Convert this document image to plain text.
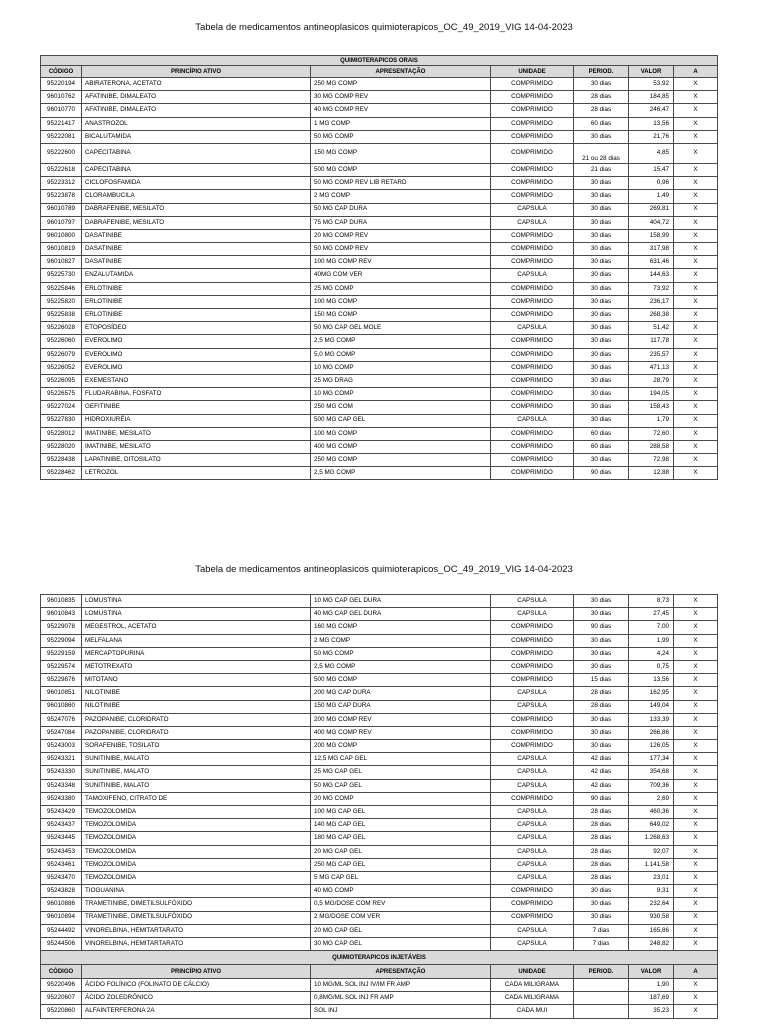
Tabela de medicamentos antineoplasicos quimioterapicos_OC_49_2019_VIG 14-04-2023
QUIMIOTERAPICOS ORAIS						
CÓDIGO	PRINCÍPIO ATIVO	APRESENTAÇÃO	UNIDADE	PERIOD.	VALOR	A
95220194	ABIRATERONA, ACETATO	250 MG COMP	COMPRIMIDO	30 dias	53,92	X
96010762	AFATINIBE, DIMALEATO	30 MG COMP REV	COMPRIMIDO	28 dias	184,85	X
96010770	AFATINIBE, DIMALEATO	40 MG COMP REV	COMPRIMIDO	28 dias	246,47	X
95221417	ANASTROZOL	1 MG COMP	COMPRIMIDO	60 dias	13,56	X
95222081	BICALUTAMIDA	50 MG COMP	COMPRIMIDO	30 dias	21,76	X
95222600	CAPECITABINA	150 MG COMP	COMPRIMIDO	21 ou 28 dias	4,85	X
95222618	CAPECITABINA	500 MG COMP	COMPRIMIDO	21 dias	15,47	X
95223312	CICLOFOSFAMIDA	50 MG COMP REV LIB RETARD	COMPRIMIDO	30 dias	0,96	X
95223878	CLORAMBUCILA	2 MG COMP	COMPRIMIDO	30 dias	1,49	X
96010789	DABRAFENIBE, MESILATO	50 MG CAP DURA	CAPSULA	30 dias	269,81	X
96010797	DABRAFENIBE, MESILATO	75 MG CAP DURA	CAPSULA	30 dias	404,72	X
96010800	DASATINIBE	20 MG COMP REV	COMPRIMIDO	30 dias	158,99	X
96010819	DASATINIBE	50 MG COMP REV	COMPRIMIDO	30 dias	317,98	X
96010827	DASATINIBE	100 MG COMP REV	COMPRIMIDO	30 dias	631,46	X
95225730	ENZALUTAMIDA	40MG COM VER	CAPSULA	30 dias	144,63	X
95225846	ERLOTINIBE	25 MG COMP	COMPRIMIDO	30 dias	73,92	X
95225820	ERLOTINIBE	100 MG COMP	COMPRIMIDO	30 dias	236,17	X
95225838	ERLOTINIBE	150 MG COMP	COMPRIMIDO	30 dias	268,38	X
95226028	ETOPOSÍDEO	50 MG CAP GEL MOLE	CAPSULA	30 dias	51,42	X
95226060	EVEROLIMO	2,5 MG COMP	COMPRIMIDO	30 dias	117,78	X
95226079	EVEROLIMO	5,0 MG COMP	COMPRIMIDO	30 dias	235,57	X
95226052	EVEROLIMO	10 MG COMP	COMPRIMIDO	30 dias	471,13	X
95226095	EXEMESTANO	25 MG DRAG	COMPRIMIDO	30 dias	28,79	X
95226575	FLUDARABINA, FOSFATO	10 MG COMP	COMPRIMIDO	30 dias	194,05	X
95227024	GEFITINIBE	250 MG COM	COMPRIMIDO	30 dias	158,43	X
95227830	HIDROXIURÉIA	500 MG CAP GEL	CAPSULA	30 dias	1,79	X
95228012	IMATINIBE, MESILATO	100 MG COMP	COMPRIMIDO	60 dias	72,60	X
95228020	IMATINIBE, MESILATO	400 MG COMP	COMPRIMIDO	60 dias	288,58	X
95228438	LAPATINIBE, DITOSILATO	250 MG COMP	COMPRIMIDO	30 dias	72,98	X
95228462	LETROZOL	2,5 MG COMP	COMPRIMIDO	90 dias	12,88	X
Tabela de medicamentos antineoplasicos quimioterapicos_OC_49_2019_VIG 14-04-2023
96010835	LOMUSTINA	10 MG CAP GEL DURA	CAPSULA	30 dias	8,73	X
96010843	LOMUSTINA	40 MG CAP GEL DURA	CAPSULA	30 dias	27,45	X
95229078	MEGESTROL, ACETATO	160 MG COMP	COMPRIMIDO	90 dias	7,00	X
95229094	MELFALANA	2 MG COMP	COMPRIMIDO	30 dias	1,99	X
95229159	MERCAPTOPURINA	50 MG COMP	COMPRIMIDO	30 dias	4,24	X
95229574	METOTREXATO	2,5 MG COMP	COMPRIMIDO	30 dias	0,75	X
95229876	MITOTANO	500 MG COMP	COMPRIMIDO	15 dias	13,56	X
96010851	NILOTINIBE	200 MG CAP DURA	CAPSULA	28 dias	162,95	X
96010860	NILOTINIBE	150 MG CAP DURA	CAPSULA	28 dias	149,04	X
95247076	PAZOPANIBE, CLORIDRATO	200 MG COMP REV	COMPRIMIDO	30 dias	133,39	X
95247084	PAZOPANIBE, CLORIDRATO	400 MG COMP REV	COMPRIMIDO	30 dias	266,86	X
95243003	SORAFENIBE, TOSILATO	200 MG COMP	COMPRIMIDO	30 dias	126,05	X
95243321	SUNITINIBE, MALATO	12,5 MG CAP GEL	CAPSULA	42 dias	177,34	X
95243330	SUNITINIBE, MALATO	25 MG CAP GEL	CAPSULA	42 dias	354,68	X
95243348	SUNITINIBE, MALATO	50 MG CAP GEL	CAPSULA	42 dias	709,36	X
95243380	TAMOXIFENO, CITRATO DE	20 MG COMP	COMPRIMIDO	90 dias	2,69	X
95243429	TEMOZOLOMIDA	100 MG CAP GEL	CAPSULA	28 dias	460,36	X
95243437	TEMOZOLOMIDA	140 MG CAP GEL	CAPSULA	28 dias	649,02	X
95243445	TEMOZOLOMIDA	180 MG CAP GEL	CAPSULA	28 dias	1.268,63	X
95243453	TEMOZOLOMIDA	20 MG CAP GEL	CAPSULA	28 dias	92,07	X
95243461	TEMOZOLOMIDA	250 MG CAP GEL	CAPSULA	28 dias	1.141,58	X
95243470	TEMOZOLOMIDA	5 MG CAP GEL	CAPSULA	28 dias	23,01	X
95243828	TIOGUANINA	40 MG COMP	COMPRIMIDO	30 dias	9,31	X
96010886	TRAMETINIBE, DIMETILSULFÓXIDO	0,5 MG/DOSE COM REV	COMPRIMIDO	30 dias	232,64	X
96010894	TRAMETINIBE, DIMETILSULFÓXIDO	2 MG/DOSE COM VER	COMPRIMIDO	30 dias	930,58	X
95244492	VINORELBINA, HEMITARTARATO	20 MG CAP GEL	CAPSULA	7 dias	165,86	X
95244506	VINORELBINA, HEMITARTARATO	30 MG CAP GEL	CAPSULA	7 dias	248,82	X
QUIMIOTERAPICOS INJETÁVEIS						
CÓDIGO	PRINCÍPIO ATIVO	APRESENTAÇÃO	UNIDADE	PERIOD.	VALOR	A
95220496	ÁCIDO FOLÍNICO (FOLINATO DE CÁLCIO)	10 MG/ML SOL INJ IV/IM FR AMP	CADA MILIGRAMA		1,90	X
95220607	ÁCIDO ZOLEDRÔNICO	0,8MG/ML SOL INJ FR AMP	CADA MILIGRAMA		187,69	X
95220860	ALFAINTERFERONA 2A	SOL INJ	CADA MUI		35,23	X
